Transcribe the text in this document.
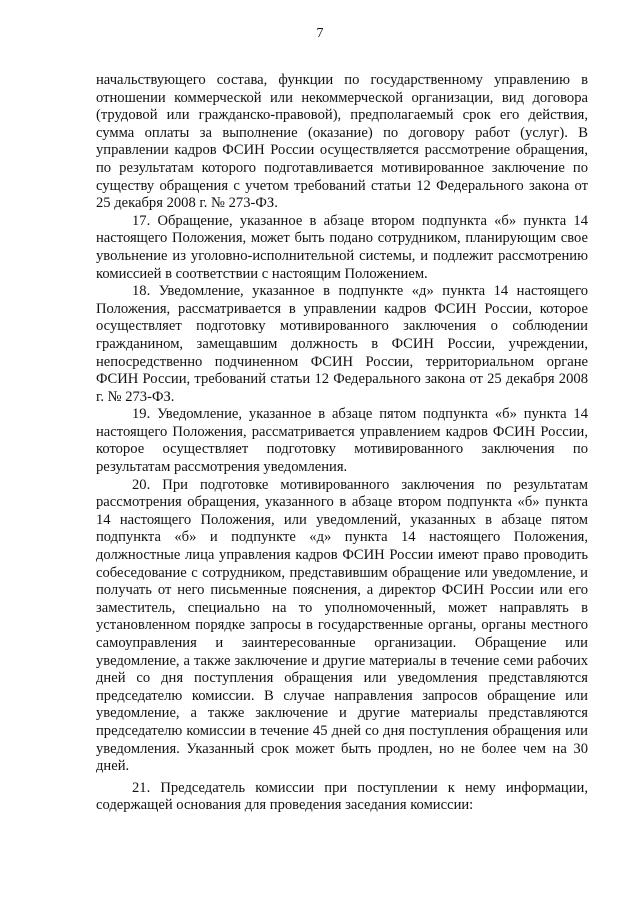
7

начальствующего состава, функции по государственному управлению в отношении коммерческой или некоммерческой организации, вид договора (трудовой или гражданско-правовой), предполагаемый срок его действия, сумма оплаты за выполнение (оказание) по договору работ (услуг). В управлении кадров ФСИН России осуществляется рассмотрение обращения, по результатам которого подготавливается мотивированное заключение по существу обращения с учетом требований статьи 12 Федерального закона от 25 декабря 2008 г. № 273-ФЗ.

17. Обращение, указанное в абзаце втором подпункта «б» пункта 14 настоящего Положения, может быть подано сотрудником, планирующим свое увольнение из уголовно-исполнительной системы, и подлежит рассмотрению комиссией в соответствии с настоящим Положением.

18. Уведомление, указанное в подпункте «д» пункта 14 настоящего Положения, рассматривается в управлении кадров ФСИН России, которое осуществляет подготовку мотивированного заключения о соблюдении гражданином, замещавшим должность в ФСИН России, учреждении, непосредственно подчиненном ФСИН России, территориальном органе ФСИН России, требований статьи 12 Федерального закона от 25 декабря 2008 г. № 273-ФЗ.

19. Уведомление, указанное в абзаце пятом подпункта «б» пункта 14 настоящего Положения, рассматривается управлением кадров ФСИН России, которое осуществляет подготовку мотивированного заключения по результатам рассмотрения уведомления.

20. При подготовке мотивированного заключения по результатам рассмотрения обращения, указанного в абзаце втором подпункта «б» пункта 14 настоящего Положения, или уведомлений, указанных в абзаце пятом подпункта «б» и подпункте «д» пункта 14 настоящего Положения, должностные лица управления кадров ФСИН России имеют право проводить собеседование с сотрудником, представившим обращение или уведомление, и получать от него письменные пояснения, а директор ФСИН России или его заместитель, специально на то уполномоченный, может направлять в установленном порядке запросы в государственные органы, органы местного самоуправления и заинтересованные организации. Обращение или уведомление, а также заключение и другие материалы в течение семи рабочих дней со дня поступления обращения или уведомления представляются председателю комиссии. В случае направления запросов обращение или уведомление, а также заключение и другие материалы представляются председателю комиссии в течение 45 дней со дня поступления обращения или уведомления. Указанный срок может быть продлен, но не более чем на 30 дней.

21. Председатель комиссии при поступлении к нему информации, содержащей основания для проведения заседания комиссии:
